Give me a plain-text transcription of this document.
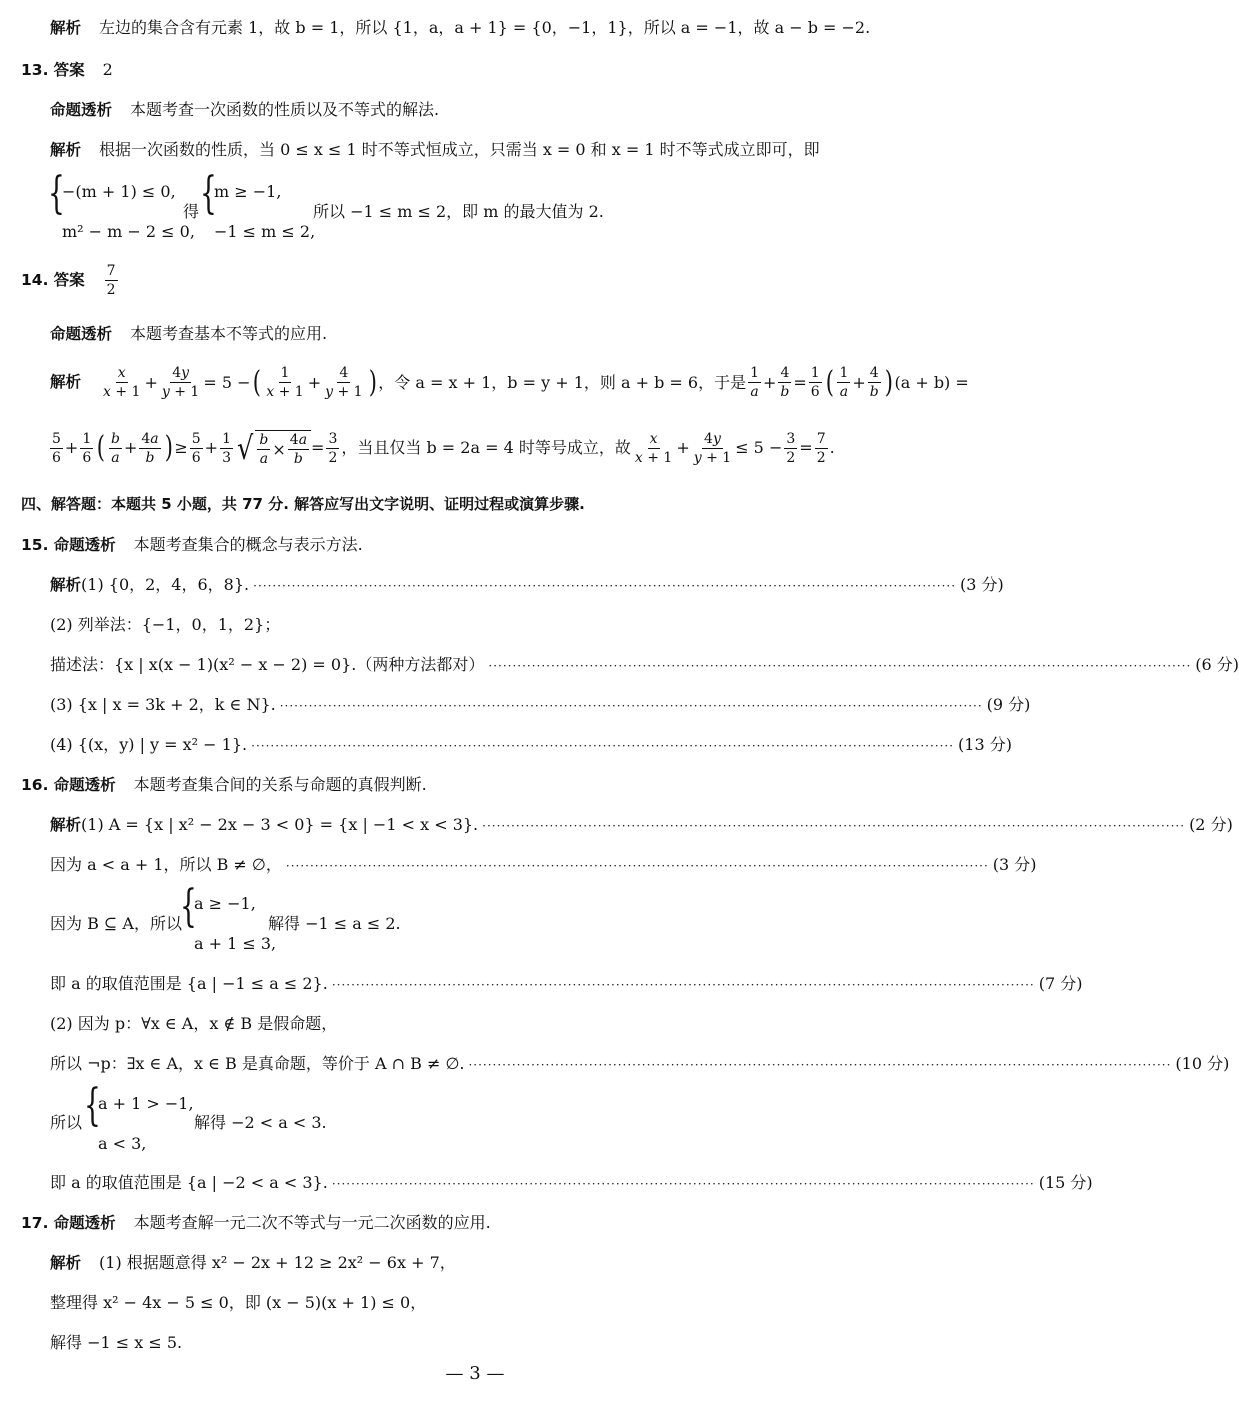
解析 左边的集合含有元素 1，故 b = 1，所以 {1，a，a + 1} = {0，−1，1}，所以 a = −1，故 a − b = −2.
13. 答案 2
命题透析 本题考查一次函数的性质以及不等式的解法.
解析 根据一次函数的性质，当 0 ≤ x ≤ 1 时不等式恒成立，只需当 x = 0 和 x = 1 时不等式成立即可，即
{
−(m + 1) ≤ 0,
m² − m − 2 ≤ 0,
得 {
m ≥ −1,
−1 ≤ m ≤ 2,
所以 −1 ≤ m ≤ 2，即 m 的最大值为 2.
14.
答案 $\frac{7}{2}$
命题透析 本题考查基本不等式的应用.
解析 $\frac{x}{x + 1} + \frac{4y}{y + 1} = 5$ − ( $\frac{1}{x + 1} + \frac{4}{y + 1}$ ) ，令 a = x + 1，b = y + 1，则 a + b = 6，于是 $\frac{1}{a} + \frac{4}{b} = \frac{1}{6}$ ( $\frac{1}{a} + \frac{4}{b}$ ) (a + b) =
$\frac{5}{6} + \frac{1}{6}$ ( $\frac{b}{a} + \frac{4a}{b}$ ) ≥ $\frac{5}{6} + \frac{1}{3}$ √ $\frac{b}{a} \times \frac{4a}{b} = \frac{3}{2}$ ，当且仅当 b = 2a = 4 时等号成立，故 $\frac{x}{x + 1} + \frac{4y}{y + 1} \le 5 - \frac{3}{2} = \frac{7}{2}$ .
四、解答题：本题共 5 小题，共 77 分. 解答应写出文字说明、证明过程或演算步骤.
15. 命题透析 本题考查集合的概念与表示方法.
解析 (1) {0，2，4，6，8}. ·················································································································································· (3 分)
(2) 列举法：{−1，0，1，2}；
描述法：{x | x(x − 1)(x² − x − 2) = 0}.（两种方法都对） ·················································································································································· (6 分)
(3) {x | x = 3k + 2，k ∈ N}. ·················································································································································· (9 分)
(4) {(x，y) | y = x² − 1}. ·················································································································································· (13 分)
16. 命题透析 本题考查集合间的关系与命题的真假判断.
解析 (1) A = {x | x² − 2x − 3 < 0} = {x | −1 < x < 3}. ·················································································································································· (2 分)
因为 a < a + 1，所以 B ≠ ∅， ·················································································································································· (3 分)
因为 B ⊆ A，所以
{
a ≥ −1,
a + 1 ≤ 3,
解得 −1 ≤ a ≤ 2.
即 a 的取值范围是 {a | −1 ≤ a ≤ 2}. ·················································································································································· (7 分)
(2) 因为 p：∀x ∈ A，x ∉ B 是假命题，
所以 ¬p：∃x ∈ A，x ∈ B 是真命题，等价于 A ∩ B ≠ ∅. ·················································································································································· (10 分)
所以 {
a + 1 > −1,
a < 3,
解得 −2 < a < 3.
即 a 的取值范围是 {a | −2 < a < 3}. ·················································································································································· (15 分)
17. 命题透析 本题考查解一元二次不等式与一元二次函数的应用.
解析 (1) 根据题意得 x² − 2x + 12 ≥ 2x² − 6x + 7，
整理得 x² − 4x − 5 ≤ 0，即 (x − 5)(x + 1) ≤ 0，
解得 −1 ≤ x ≤ 5.
— 3 —
